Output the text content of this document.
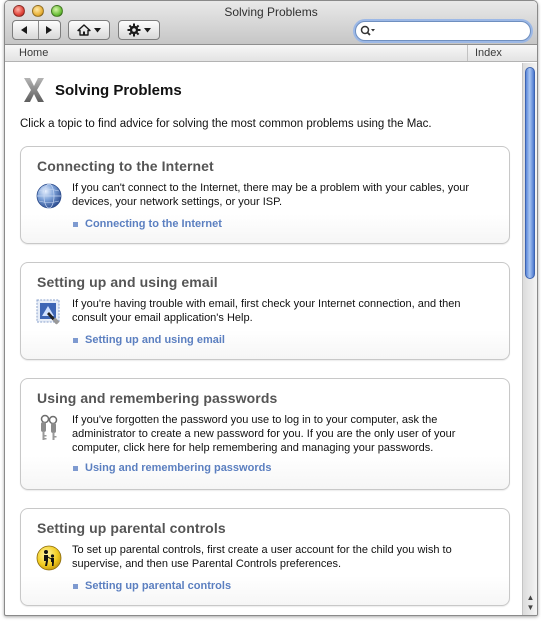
Solving Problems
Home	Index
Solving Problems
Click a topic to find advice for solving the most common problems using the Mac.
Connecting to the Internet
If you can't connect to the Internet, there may be a problem with your cables, your devices, your network settings, or your ISP.
Connecting to the Internet
Setting up and using email
If you're having trouble with email, first check your Internet connection, and then consult your email application's Help.
Setting up and using email
Using and remembering passwords
If you've forgotten the password you use to log in to your computer, ask the administrator to create a new password for you. If you are the only user of your computer, click here for help remembering and managing your passwords.
Using and remembering passwords
Setting up parental controls
To set up parental controls, first create a user account for the child you wish to supervise, and then use Parental Controls preferences.
Setting up parental controls
▲
▼
